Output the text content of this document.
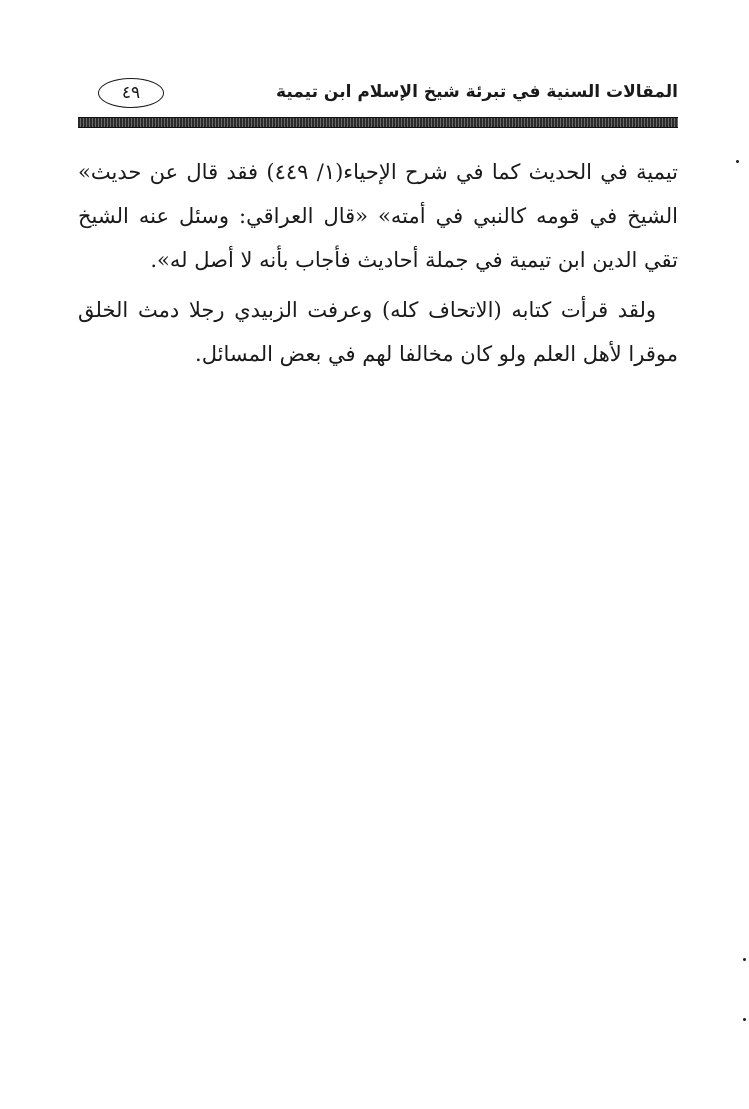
المقالات السنية في تبرئة شيخ الإسلام ابن تيمية
٤٩

تيمية في الحديث كما في شرح الإحياء(١/ ٤٤٩) فقد قال عن حديث» الشيخ في قومه كالنبي في أمته» «قال العراقي: وسئل عنه الشيخ تقي الدين ابن تيمية في جملة أحاديث فأجاب بأنه لا أصل له».

ولقد قرأت كتابه (الاتحاف كله) وعرفت الزبيدي رجلا دمث الخلق موقرا لأهل العلم ولو كان مخالفا لهم في بعض المسائل.
